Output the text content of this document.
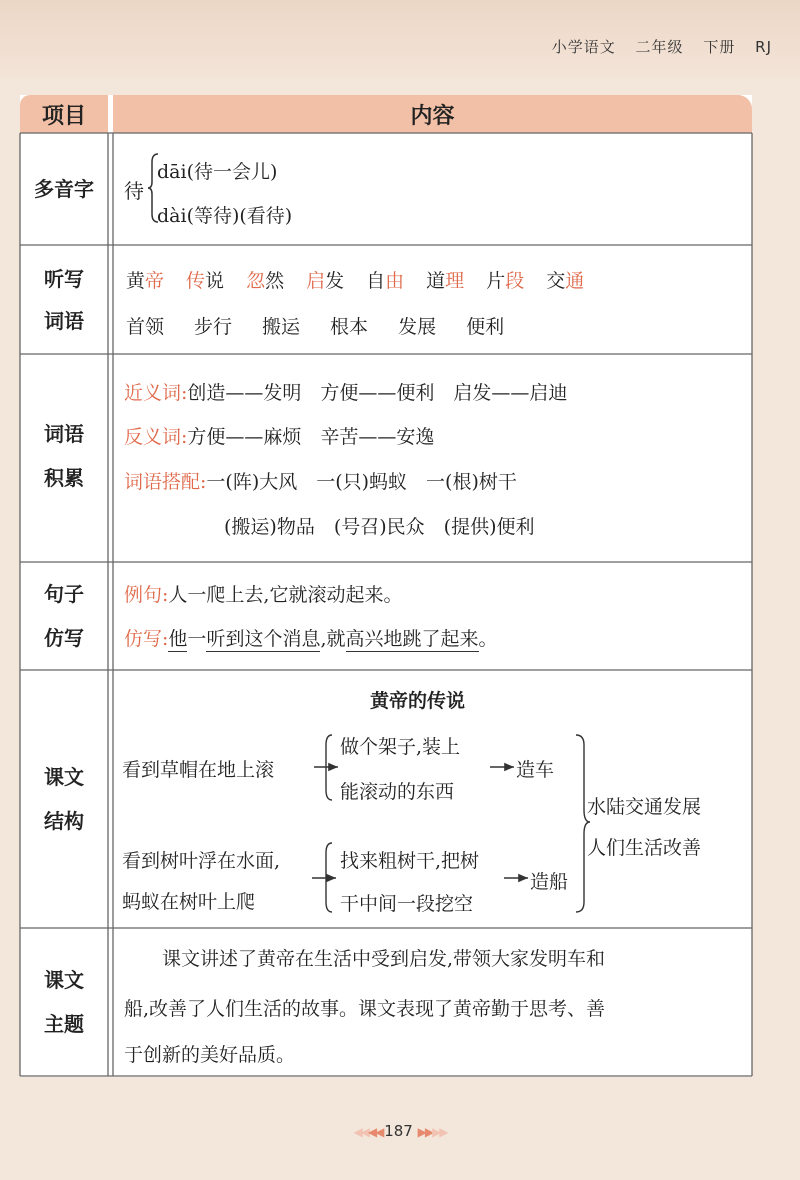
小学语文 二年级 下册 RJ
项目	内容
多音字	待
dāi(待一会儿)
dài(等待)(看待)
听写
词语
黄帝 传说 忽然 启发 自由 道理 片段 交通
首领 步行 搬运 根本 发展 便利
词语
积累
近义词:创造——发明　方便——便利　启发——启迪
反义词:方便——麻烦　辛苦——安逸
词语搭配:一(阵)大风　一(只)蚂蚁　一(根)树干
(搬运)物品　(号召)民众　(提供)便利
句子
仿写
例句:人一爬上去,它就滚动起来。
仿写:他一听到这个消息,就高兴地跳了起来。
课文
结构
黄帝的传说
看到草帽在地上滚
做个架子,装上
能滚动的东西
造车
看到树叶浮在水面,
蚂蚁在树叶上爬
找来粗树干,把树
干中间一段挖空
造船
水陆交通发展
人们生活改善
课文
主题
课文讲述了黄帝在生活中受到启发,带领大家发明车和
船,改善了人们生活的故事。课文表现了黄帝勤于思考、善
于创新的美好品质。
◀◀◀◀ 187 ▶▶▶▶
